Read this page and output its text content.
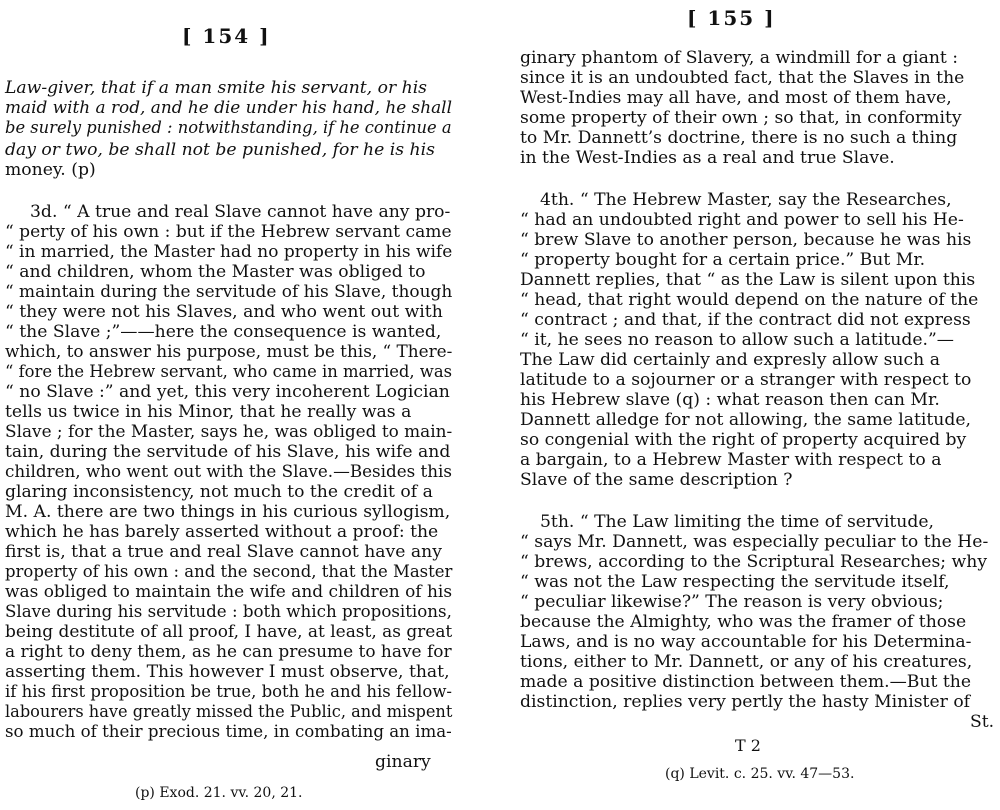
[ 154 ]
Law-giver, that if a man smite his servant, or his
maid with a rod, and he die under his hand, he shall
be surely punished : notwithstanding, if he continue a
day or two, be shall not be punished, for he is his
money. (p)
3d. “ A true and real Slave cannot have any pro-
“ perty of his own : but if the Hebrew servant came
“ in married, the Master had no property in his wife
“ and children, whom the Master was obliged to
“ maintain during the servitude of his Slave, though
“ they were not his Slaves, and who went out with
“ the Slave ;”——here the consequence is wanted,
which, to answer his purpose, must be this, “ There-
“ fore the Hebrew servant, who came in married, was
“ no Slave :” and yet, this very incoherent Logician
tells us twice in his Minor, that he really was a
Slave ; for the Master, says he, was obliged to main-
tain, during the servitude of his Slave, his wife and
children, who went out with the Slave.—Besides this
glaring inconsistency, not much to the credit of a
M. A. there are two things in his curious syllogism,
which he has barely asserted without a proof: the
first is, that a true and real Slave cannot have any
property of his own : and the second, that the Master
was obliged to maintain the wife and children of his
Slave during his servitude : both which propositions,
being destitute of all proof, I have, at least, as great
a right to deny them, as he can presume to have for
asserting them. This however I must observe, that,
if his first proposition be true, both he and his fellow-
labourers have greatly missed the Public, and mispent
so much of their precious time, in combating an ima-
ginary
(p) Exod. 21. vv. 20, 21.
[ 155 ]
ginary phantom of Slavery, a windmill for a giant :
since it is an undoubted fact, that the Slaves in the
West-Indies may all have, and most of them have,
some property of their own ; so that, in conformity
to Mr. Dannett’s doctrine, there is no such a thing
in the West-Indies as a real and true Slave.
4th. “ The Hebrew Master, say the Researches,
“ had an undoubted right and power to sell his He-
“ brew Slave to another person, because he was his
“ property bought for a certain price.” But Mr.
Dannett replies, that “ as the Law is silent upon this
“ head, that right would depend on the nature of the
“ contract ; and that, if the contract did not express
“ it, he sees no reason to allow such a latitude.”—
The Law did certainly and expresly allow such a
latitude to a sojourner or a stranger with respect to
his Hebrew slave (q) : what reason then can Mr.
Dannett alledge for not allowing, the same latitude,
so congenial with the right of property acquired by
a bargain, to a Hebrew Master with respect to a
Slave of the same description ?
5th. “ The Law limiting the time of servitude,
“ says Mr. Dannett, was especially peculiar to the He-
“ brews, according to the Scriptural Researches; why
“ was not the Law respecting the servitude itself,
“ peculiar likewise?” The reason is very obvious;
because the Almighty, who was the framer of those
Laws, and is no way accountable for his Determina-
tions, either to Mr. Dannett, or any of his creatures,
made a positive distinction between them.—But the
distinction, replies very pertly the hasty Minister of
St.
T 2
(q) Levit. c. 25. vv. 47—53.
